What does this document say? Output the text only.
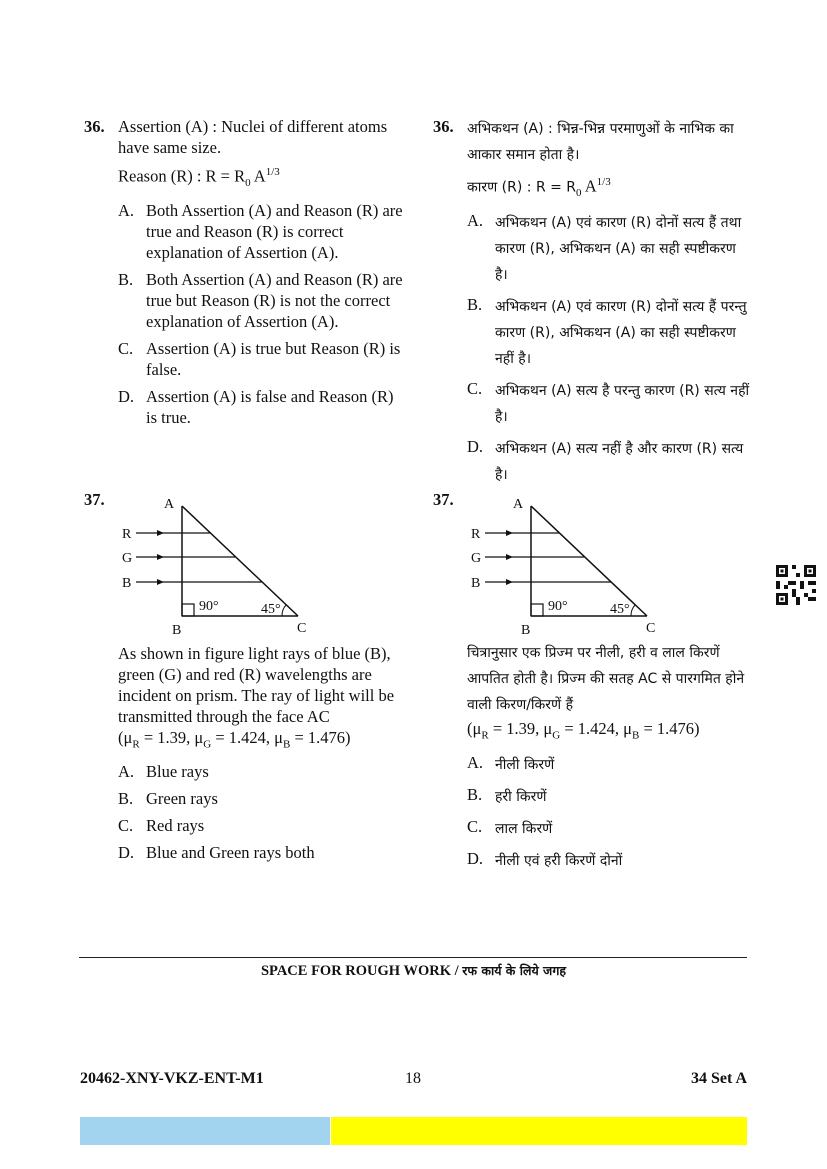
36. Assertion (A) : Nuclei of different atoms have same size.
Reason (R) : $R = R_0$ $A^{1/3}$
A. Both Assertion (A) and Reason (R) are true and Reason (R) is correct explanation of Assertion (A).
B. Both Assertion (A) and Reason (R) are true but Reason (R) is not the correct explanation of Assertion (A).
C. Assertion (A) is true but Reason (R) is false.
D. Assertion (A) is false and Reason (R) is true.
36. अभिकथन (A) : भिन्न-भिन्न परमाणुओं के नाभिक का आकार समान होता है।
कारण (R) : $R = R_0$ $A^{1/3}$
A. अभिकथन (A) एवं कारण (R) दोनों सत्य हैं तथा कारण (R), अभिकथन (A) का सही स्पष्टीकरण है।
B. अभिकथन (A) एवं कारण (R) दोनों सत्य हैं परन्तु कारण (R), अभिकथन (A) का सही स्पष्टीकरण नहीं है।
C. अभिकथन (A) सत्य है परन्तु कारण (R) सत्य नहीं है।
D. अभिकथन (A) सत्य नहीं है और कारण (R) सत्य है।
37.	A
B	C
R
G
B
90°	45°
As shown in figure light rays of blue (B), green (G) and red (R) wavelengths are incident on prism. The ray of light will be transmitted through the face AC
($\mu_R = 1.39$, $\mu_G = 1.424$, $\mu_B = 1.476$)
A. Blue rays
B. Green rays
C. Red rays
D. Blue and Green rays both
37.	A
B	C
R
G
B
90°	45°
चित्रानुसार एक प्रिज्म पर नीली, हरी व लाल किरणें आपतित होती है। प्रिज्म की सतह AC से पारगमित होने वाली किरण/किरणें हैं
($\mu_R = 1.39$, $\mu_G = 1.424$, $\mu_B = 1.476$)
A. नीली किरणें
B. हरी किरणें
C. लाल किरणें
D. नीली एवं हरी किरणें दोनों
SPACE FOR ROUGH WORK / रफ कार्य के लिये जगह
20462-XNY-VKZ-ENT-M1	18	34 Set A
